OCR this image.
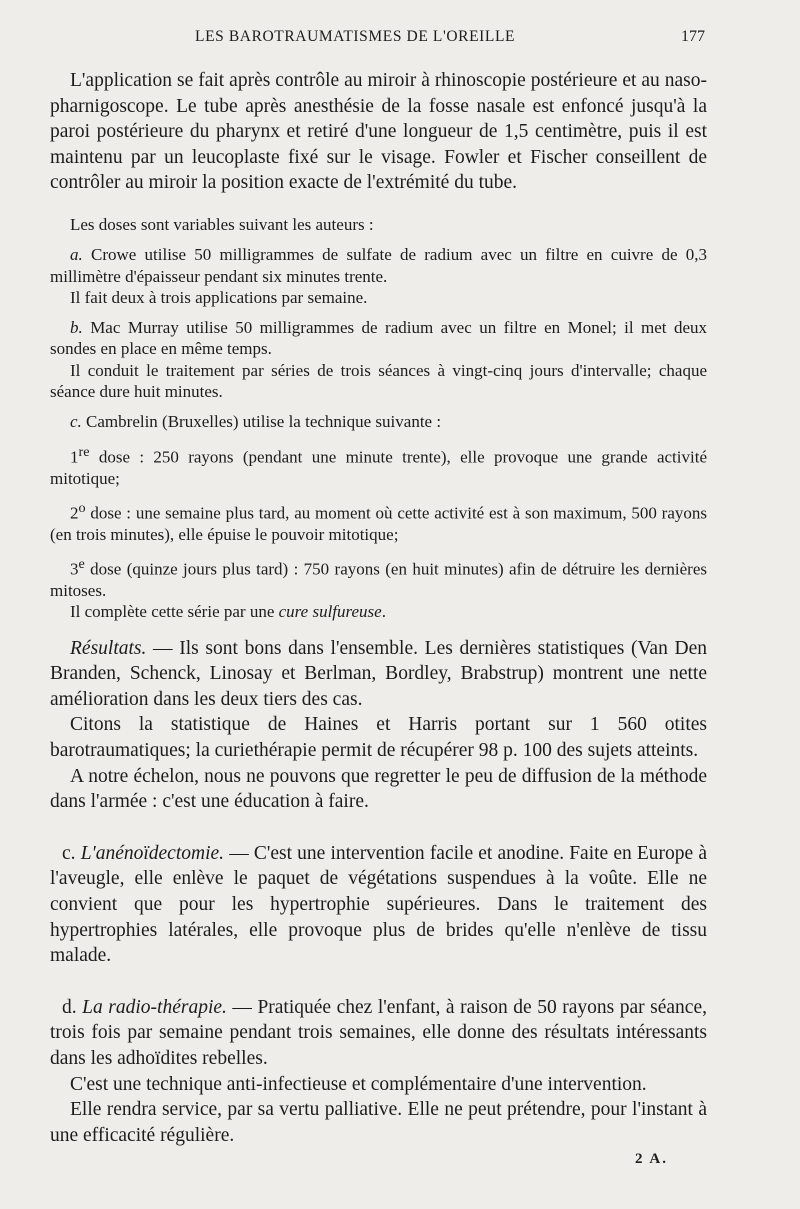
LES BAROTRAUMATISMES DE L'OREILLE	177

L'application se fait après contrôle au miroir à rhinoscopie postérieure et au naso-pharnigoscope. Le tube après anesthésie de la fosse nasale est enfoncé jusqu'à la paroi postérieure du pharynx et retiré d'une longueur de 1,5 centimètre, puis il est maintenu par un leucoplaste fixé sur le visage. Fowler et Fischer conseillent de contrôler au miroir la position exacte de l'extrémité du tube.

Les doses sont variables suivant les auteurs :

a. Crowe utilise 50 milligrammes de sulfate de radium avec un filtre en cuivre de 0,3 millimètre d'épaisseur pendant six minutes trente.

Il fait deux à trois applications par semaine.

b. Mac Murray utilise 50 milligrammes de radium avec un filtre en Monel; il met deux sondes en place en même temps.

Il conduit le traitement par séries de trois séances à vingt-cinq jours d'intervalle; chaque séance dure huit minutes.

c. Cambrelin (Bruxelles) utilise la technique suivante :

1re dose : 250 rayons (pendant une minute trente), elle provoque une grande activité mitotique;

2$^o$ dose : une semaine plus tard, au moment où cette activité est à son maximum, 500 rayons (en trois minutes), elle épuise le pouvoir mitotique;

3e dose (quinze jours plus tard) : 750 rayons (en huit minutes) afin de détruire les dernières mitoses.

Il complète cette série par une cure sulfureuse.

Résultats. — Ils sont bons dans l'ensemble. Les dernières statistiques (Van Den Branden, Schenck, Linosay et Berlman, Bordley, Brabstrup) montrent une nette amélioration dans les deux tiers des cas.

Citons la statistique de Haines et Harris portant sur 1 560 otites barotraumatiques; la curiethérapie permit de récupérer 98 p. 100 des sujets atteints.

A notre échelon, nous ne pouvons que regretter le peu de diffusion de la méthode dans l'armée : c'est une éducation à faire.

c. L'anénoïdectomie. — C'est une intervention facile et anodine. Faite en Europe à l'aveugle, elle enlève le paquet de végétations suspendues à la voûte. Elle ne convient que pour les hypertrophie supérieures. Dans le traitement des hypertrophies latérales, elle provoque plus de brides qu'elle n'enlève de tissu malade.

d. La radio-thérapie. — Pratiquée chez l'enfant, à raison de 50 rayons par séance, trois fois par semaine pendant trois semaines, elle donne des résultats intéressants dans les adhoïdites rebelles.

C'est une technique anti-infectieuse et complémentaire d'une intervention.

Elle rendra service, par sa vertu palliative. Elle ne peut prétendre, pour l'instant à une efficacité régulière.

2 A.
